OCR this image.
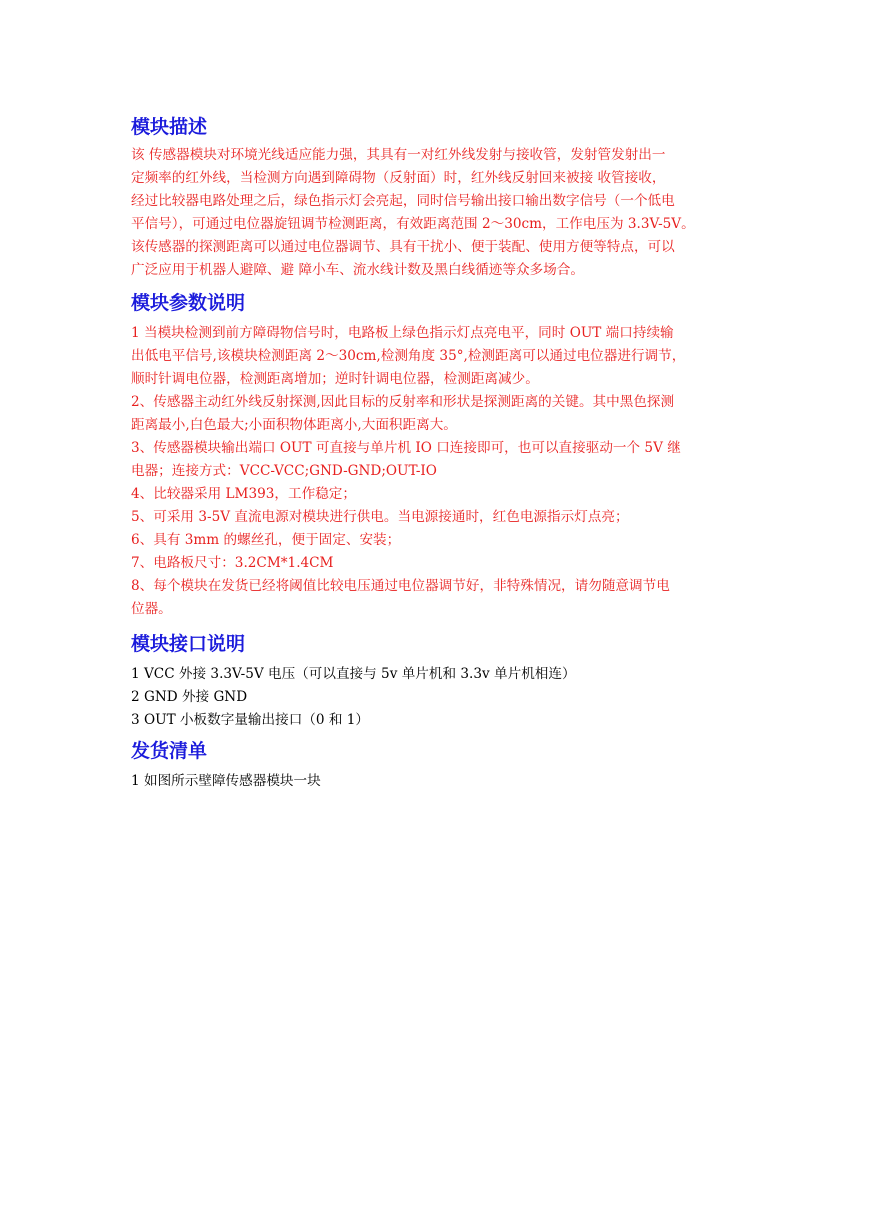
模块描述

该 传感器模块对环境光线适应能力强，其具有一对红外线发射与接收管，发射管发射出一

定频率的红外线，当检测方向遇到障碍物（反射面）时，红外线反射回来被接 收管接收，

经过比较器电路处理之后，绿色指示灯会亮起，同时信号输出接口输出数字信号（一个低电

平信号），可通过电位器旋钮调节检测距离，有效距离范围 2～30cm，工作电压为 3.3V-5V。

该传感器的探测距离可以通过电位器调节、具有干扰小、便于装配、使用方便等特点，可以

广泛应用于机器人避障、避 障小车、流水线计数及黑白线循迹等众多场合。

模块参数说明

1 当模块检测到前方障碍物信号时，电路板上绿色指示灯点亮电平，同时 OUT 端口持续输

出低电平信号,该模块检测距离 2～30cm,检测角度 35°,检测距离可以通过电位器进行调节，

顺时针调电位器，检测距离增加；逆时针调电位器，检测距离减少。

2、传感器主动红外线反射探测,因此目标的反射率和形状是探测距离的关键。其中黑色探测

距离最小,白色最大;小面积物体距离小,大面积距离大。

3、传感器模块输出端口 OUT 可直接与单片机 IO 口连接即可，也可以直接驱动一个 5V 继

电器；连接方式：VCC-VCC;GND-GND;OUT-IO

4、比较器采用 LM393，工作稳定；

5、可采用 3-5V 直流电源对模块进行供电。当电源接通时，红色电源指示灯点亮；

6、具有 3mm 的螺丝孔，便于固定、安装；

7、电路板尺寸：3.2CM*1.4CM

8、每个模块在发货已经将阈值比较电压通过电位器调节好，非特殊情况，请勿随意调节电

位器。

模块接口说明

1 VCC 外接 3.3V-5V 电压（可以直接与 5v 单片机和 3.3v 单片机相连）

2 GND 外接 GND

3 OUT 小板数字量输出接口（0 和 1）

发货清单

1 如图所示壁障传感器模块一块
